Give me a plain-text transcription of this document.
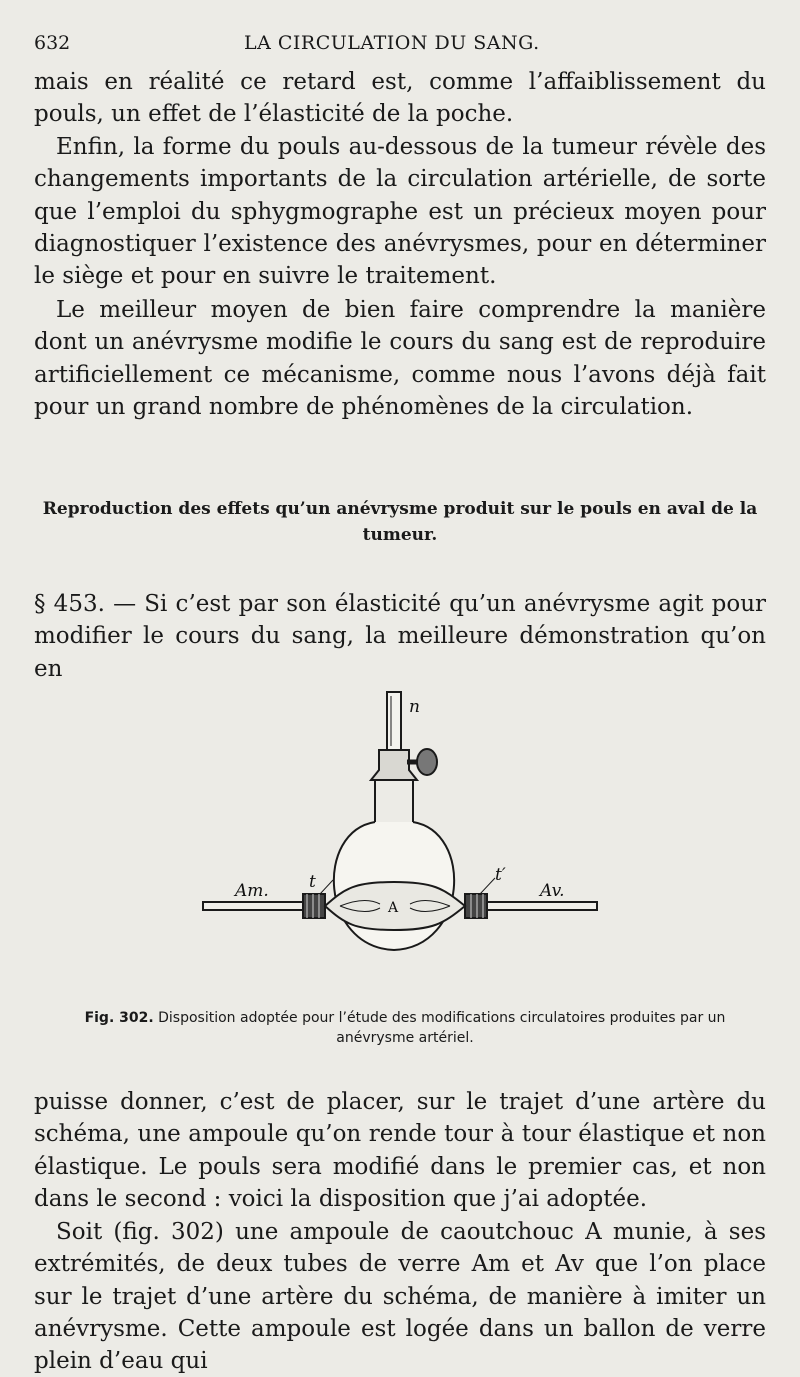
632	LA CIRCULATION DU SANG.

mais en réalité ce retard est, comme l’affaiblissement du pouls, un effet de l’élasticité de la poche.

Enfin, la forme du pouls au-dessous de la tumeur révèle des changements importants de la circulation artérielle, de sorte que l’emploi du sphygmographe est un précieux moyen pour diagnostiquer l’existence des anévrysmes, pour en déterminer le siège et pour en suivre le traitement.

Le meilleur moyen de bien faire comprendre la manière dont un anévrysme modifie le cours du sang est de reproduire artificiellement ce mécanisme, comme nous l’avons déjà fait pour un grand nombre de phénomènes de la circulation.

Reproduction des effets qu’un anévrysme produit sur le pouls en aval de la tumeur.

§ 453. — Si c’est par son élasticité qu’un anévrysme agit pour modifier le cours du sang, la meilleure démonstration qu’on en

n
t	t′
Am.	Av.
A

Fig. 302. Disposition adoptée pour l’étude des modifications circulatoires produites par un anévrysme artériel.

puisse donner, c’est de placer, sur le trajet d’une artère du schéma, une ampoule qu’on rende tour à tour élastique et non élastique. Le pouls sera modifié dans le premier cas, et non dans le second : voici la disposition que j’ai adoptée.

Soit (fig. 302) une ampoule de caoutchouc A munie, à ses extrémités, de deux tubes de verre Am et Av que l’on place sur le trajet d’une artère du schéma, de manière à imiter un anévrysme. Cette ampoule est logée dans un ballon de verre plein d’eau qui
